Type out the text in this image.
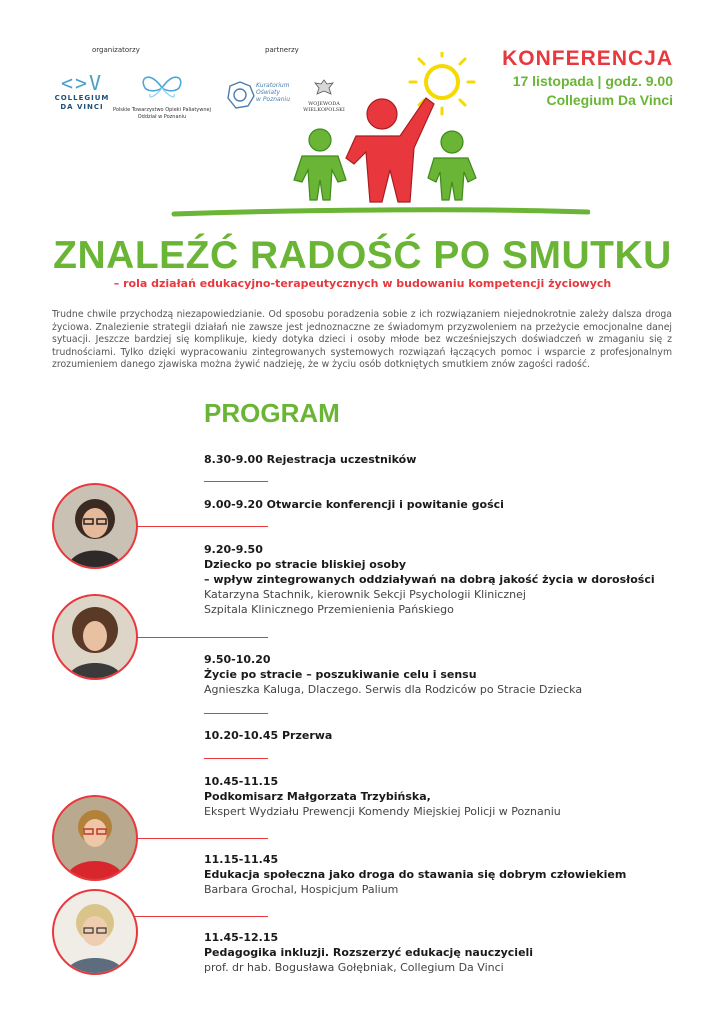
organizatorzy	partnerzy
<>V
COLLEGIUM
DA VINCI	Polskie Towarzystwo Opieki Paliatywnej
Oddział w Poznaniu
Kuratorium
Oświaty
w Poznaniu
WOJEWODA
WIELKOPOLSKI
KONFERENCJA
17 listopada | godz. 9.00
Collegium Da Vinci
ZNALEŹĆ RADOŚĆ PO SMUTKU
– rola działań edukacyjno-terapeutycznych w budowaniu kompetencji życiowych
Trudne chwile przychodzą niezapowiedzianie. Od sposobu poradzenia sobie z ich rozwiązaniem niejednokrotnie zależy dalsza droga życiowa. Znalezienie strategii działań nie zawsze jest jednoznaczne ze świadomym przyzwoleniem na przeżycie emocjonalne danej sytuacji. Jeszcze bardziej się komplikuje, kiedy dotyka dzieci i osoby młode bez wcześniejszych doświadczeń w zmaganiu się z trudnościami. Tylko dzięki wypracowaniu zintegrowanych systemowych rozwiązań łączących pomoc i wsparcie z profesjonalnym zrozumieniem danego zjawiska można żywić nadzieję, że w życiu osób dotkniętych smutkiem znów zagości radość.
PROGRAM
8.30-9.00 Rejestracja uczestników
9.00-9.20 Otwarcie konferencji i powitanie gości
9.20-9.50
Dziecko po stracie bliskiej osoby
– wpływ zintegrowanych oddziaływań na dobrą jakość życia w dorosłości
Katarzyna Stachnik, kierownik Sekcji Psychologii Klinicznej
Szpitala Klinicznego Przemienienia Pańskiego
9.50-10.20
Życie po stracie – poszukiwanie celu i sensu
Agnieszka Kaluga, Dlaczego. Serwis dla Rodziców po Stracie Dziecka
10.20-10.45 Przerwa
10.45-11.15
Podkomisarz Małgorzata Trzybińska,
Ekspert Wydziału Prewencji Komendy Miejskiej Policji w Poznaniu
11.15-11.45
Edukacja społeczna jako droga do stawania się dobrym człowiekiem
Barbara Grochal, Hospicjum Palium
11.45-12.15
Pedagogika inkluzji. Rozszerzyć edukację nauczycieli
prof. dr hab. Bogusława Gołębniak, Collegium Da Vinci
